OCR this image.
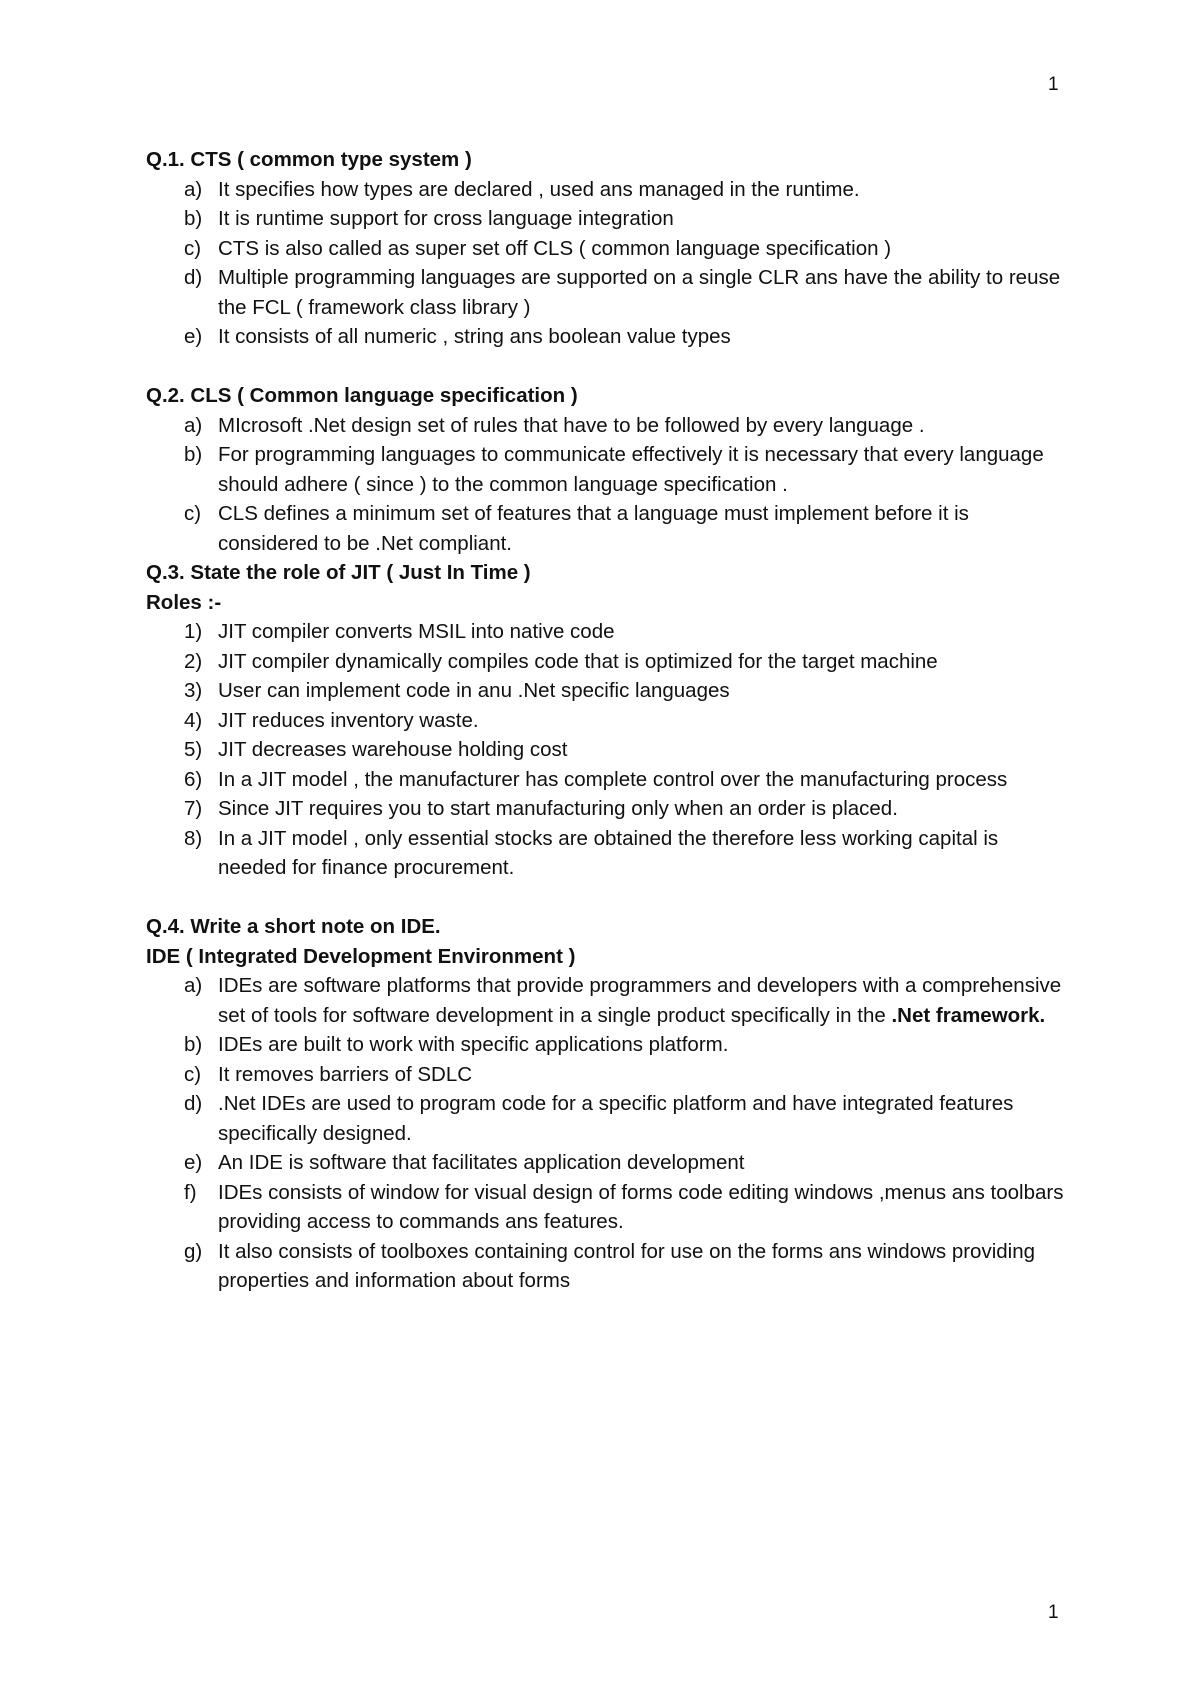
1
Q.1. CTS ( common type system )
a) It specifies how types are declared , used ans managed in the runtime.
b) It is runtime support for cross language integration
c) CTS is also called as super set off CLS ( common language specification )
d) Multiple programming languages are supported on a single CLR ans have the ability to reuse the FCL ( framework class library )
e) It consists of all numeric , string ans boolean value types
Q.2. CLS ( Common language specification )
a) MIcrosoft .Net design set of rules that have to be followed by every language .
b) For programming languages to communicate effectively it is necessary that every language should adhere ( since ) to the common language specification .
c) CLS defines a minimum set of features that a language must implement before it is considered to be .Net compliant.
Q.3. State the role of JIT ( Just In Time )
Roles :-
1) JIT compiler converts MSIL into native code
2) JIT compiler dynamically compiles code that is optimized for the target machine
3) User can implement code in anu .Net specific languages
4) JIT reduces inventory waste.
5) JIT decreases warehouse holding cost
6) In a JIT model , the manufacturer has complete control over the manufacturing process
7) Since JIT requires you to start manufacturing only when an order is placed.
8) In a JIT model , only essential stocks are obtained the therefore less working capital is needed for finance procurement.
Q.4. Write a short note on IDE.
IDE ( Integrated Development Environment )
a) IDEs are software platforms that provide programmers and developers with a comprehensive set of tools for software development in a single product specifically in the .Net framework.
b) IDEs are built to work with specific applications platform.
c) It removes barriers of SDLC
d) .Net IDEs are used to program code for a specific platform and have integrated features specifically designed.
e) An IDE is software that facilitates application development
f) IDEs consists of window for visual design of forms code editing windows ,menus ans toolbars providing access to commands ans features.
g) It also consists of toolboxes containing control for use on the forms ans windows providing properties and information about forms
1
